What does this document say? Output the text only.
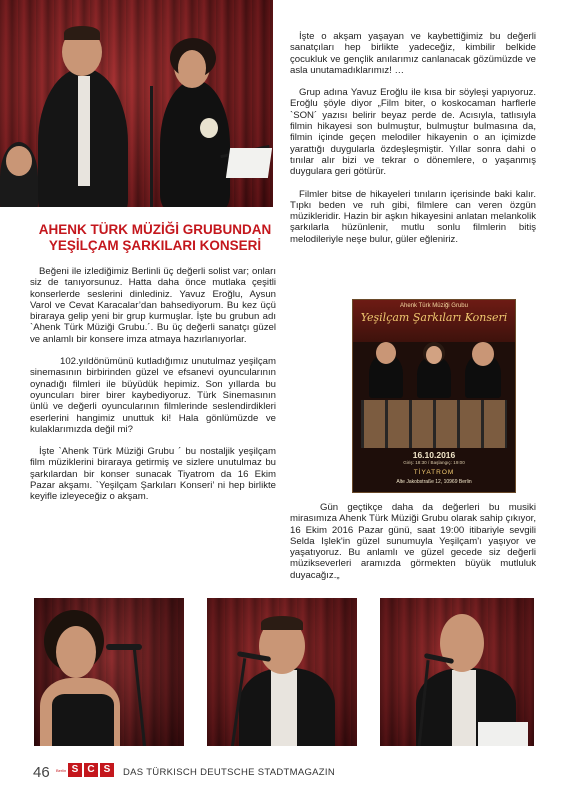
AHENK TÜRK MÜZİĞİ GRUBUNDAN YEŞİLÇAM ŞARKILARI KONSERİ

Beğeni ile izlediğimiz Berlinli üç değerli solist var; onları siz de tanıyorsunuz. Hatta daha önce mutlaka çeşitli konserlerde seslerini dinlediniz. Yavuz Eroğlu, Aysun Varol ve Cevat Karacalar’dan bahsediyorum. Bu kez üçü biraraya gelip yeni bir grup kurmuşlar. İşte bu grubun adı `Ahenk Türk Müziği Grubu.´. Bu üç değerli sanatçı güzel ve anlamlı bir konsere imza atmaya hazırlanıyorlar.

102.yıldönümünü kutladığımız unutulmaz yeşilçam sinemasının birbirinden güzel ve efsanevi oyuncularının oynadığı filmleri ile büyüdük hepimiz. Son yıllarda bu oyuncuları birer birer kaybediyoruz. Türk Sinemasının ünlü ve değerli oyuncularının filmlerinde seslendirdikleri eserlerini hangimiz unuttuk ki! Hala gönlümüzde ve kulaklarımızda değil mi?

İşte `Ahenk Türk Müziği Grubu ´ bu nostaljik yeşilçam film müziklerini biraraya getirmiş ve sizlere unutulmaz bu şarkılardan bir konser sunacak Tiyatrom da 16 Ekim Pazar akşamı. `Yeşilçam Şarkıları Konseri’ ni hep birlikte keyifle izleyeceğiz o akşam.

İşte o akşam yaşayan ve kaybettiğimiz bu değerli sanatçıları hep birlikte yadeceğiz, kimbilir belkide çocukluk ve gençlik anılarımız canlanacak gözümüzde ve asla unutamadıklarımız! …

Grup adına Yavuz Eroğlu ile kısa bir söyleşi yapıyoruz. Eroğlu şöyle diyor „Film biter, o koskocaman harflerle `SON´ yazısı belirir beyaz perde de. Acısıyla, tatlısıyla filmin hikayesi son bulmuştur, bulmuştur bulmasına da, filmin içinde geçen melodiler hikayenin o an içimizde yarattığı duygularla özdeşleşmiştir. Yıllar sonra dahi o tınılar alır bizi ve tekrar o dönemlere, o yaşanmış duygulara geri götürür.

Filmler bitse de hikayeleri tınıların içerisinde baki kalır. Tıpkı beden ve ruh gibi, filmlere can veren özgün müzikleridir. Hazin bir aşkın hikayesini anlatan melankolik şarkılarla hüzünlenir, mutlu sonlu filmlerin bitiş melodileriyle neşe bulur, güler eğleniriz.

Ahenk Türk Müziği Grubu
Yeşilçam Şarkıları Konseri
16.10.2016
Giriş: 18:30 / Başlangıç: 19:00
TİYATROM
Alte Jakobstraße 12, 10969 Berlin

Gün geçtikçe daha da değerleri bu musiki mirasımıza Ahenk Türk Müziği Grubu olarak sahip çıkıyor, 16 Ekim 2016 Pazar günü, saat 19:00 itibariyle sevgili Selda Işlek'in güzel sunumuyla Yeşilçam'ı yaşıyor ve yaşatıyoruz. Bu anlamlı ve güzel gecede siz değerli müzikseverleri aramızda görmekten büyük mutluluk duyacağız.„

46 Berlin S C S	DAS TÜRKISCH DEUTSCHE STADTMAGAZIN
